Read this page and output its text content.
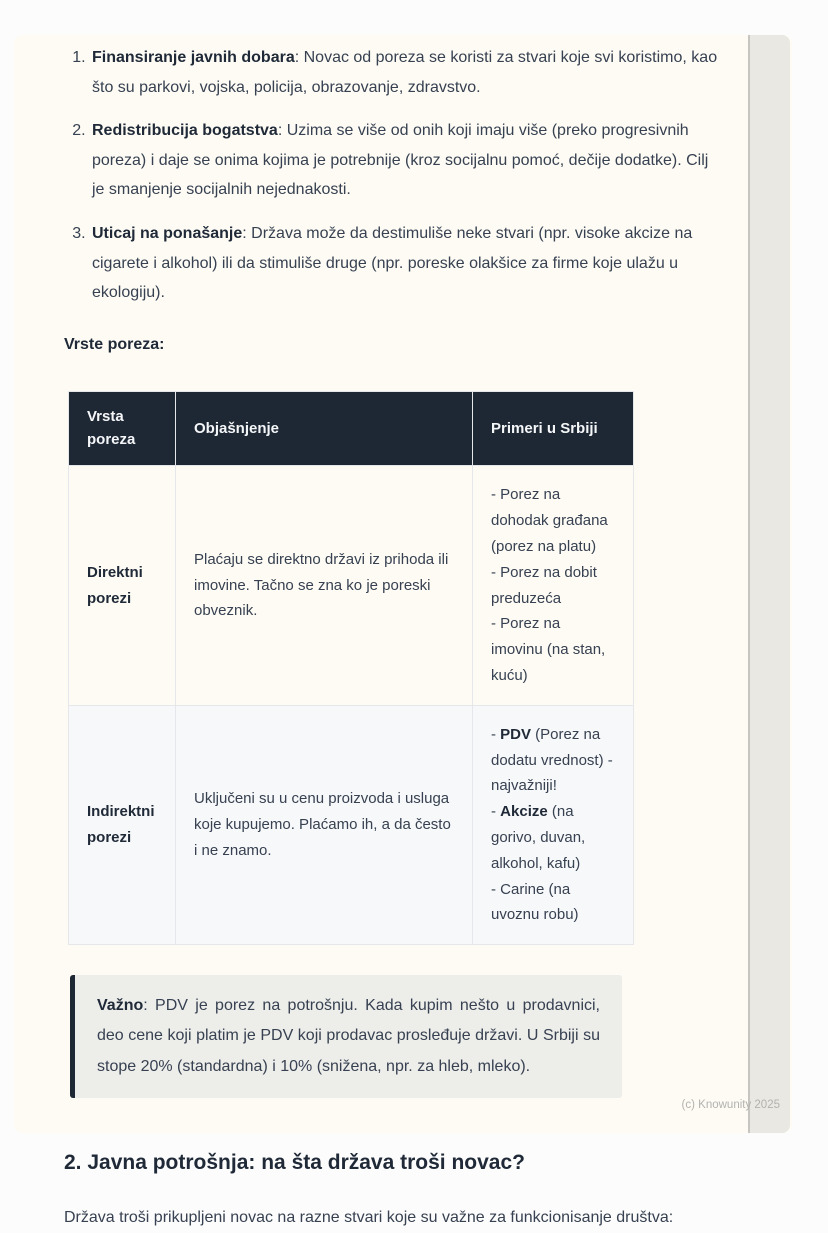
1. Finansiranje javnih dobara: Novac od poreza se koristi za stvari koje svi koristimo, kao što su parkovi, vojska, policija, obrazovanje, zdravstvo.
2. Redistribucija bogatstva: Uzima se više od onih koji imaju više (preko progresivnih poreza) i daje se onima kojima je potrebnije (kroz socijalnu pomoć, dečije dodatke). Cilj je smanjenje socijalnih nejednakosti.
3. Uticaj na ponašanje: Država može da destimuliše neke stvari (npr. visoke akcize na cigarete i alkohol) ili da stimuliše druge (npr. poreske olakšice za firme koje ulažu u ekologiju).

Vrste poreza:

Vrsta poreza	Objašnjenje	Primeri u Srbiji
Direktni porezi	Plaćaju se direktno državi iz prihoda ili imovine. Tačno se zna ko je poreski obveznik.	- Porez na dohodak građana (porez na platu)
- Porez na dobit preduzeća
- Porez na imovinu (na stan, kuću)

Indirektni porezi	Uključeni su u cenu proizvoda i usluga koje kupujemo. Plaćamo ih, a da često i ne znamo.	- PDV (Porez na dodatu vrednost) - najvažniji!
- Akcize (na gorivo, duvan, alkohol, kafu)
- Carine (na uvoznu robu)
Važno: PDV je porez na potrošnju. Kada kupim nešto u prodavnici, deo cene koji platim je PDV koji prodavac prosleđuje državi. U Srbiji su stope 20% (standardna) i 10% (snižena, npr. za hleb, mleko).
2. Javna potrošnja: na šta država troši novac?

Država troši prikupljeni novac na razne stvari koje su važne za funkcionisanje društva:

(c) Knowunity 2025
